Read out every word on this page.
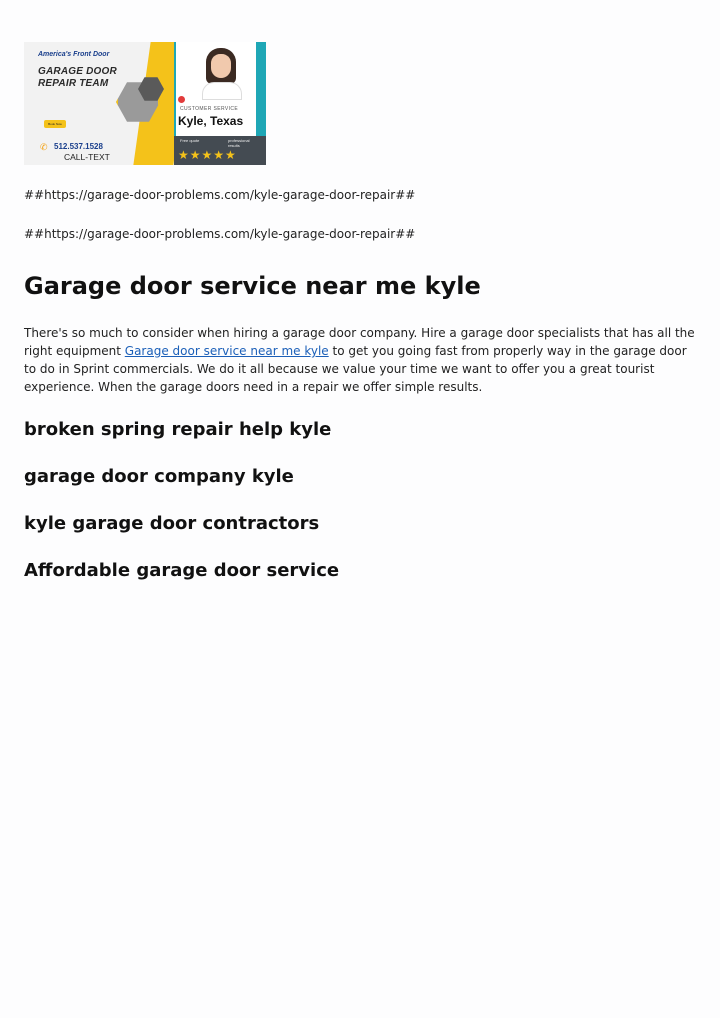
America's Front Door
GARAGE DOOR
REPAIR TEAM
Book Now
✆ 512.537.1528
CALL-TEXT
CUSTOMER SERVICE
Kyle, Texas
Free quote	professional
results
★★★★★

##https://garage-door-problems.com/kyle-garage-door-repair##

##https://garage-door-problems.com/kyle-garage-door-repair##

Garage door service near me kyle

There's so much to consider when hiring a garage door company. Hire a garage door specialists that has all the right equipment Garage door service near me kyle to get you going fast from properly way in the garage door to do in Sprint commercials. We do it all because we value your time we want to offer you a great tourist experience. When the garage doors need in a repair we offer simple results.

broken spring repair help kyle
garage door company kyle
kyle garage door contractors
Affordable garage door service
